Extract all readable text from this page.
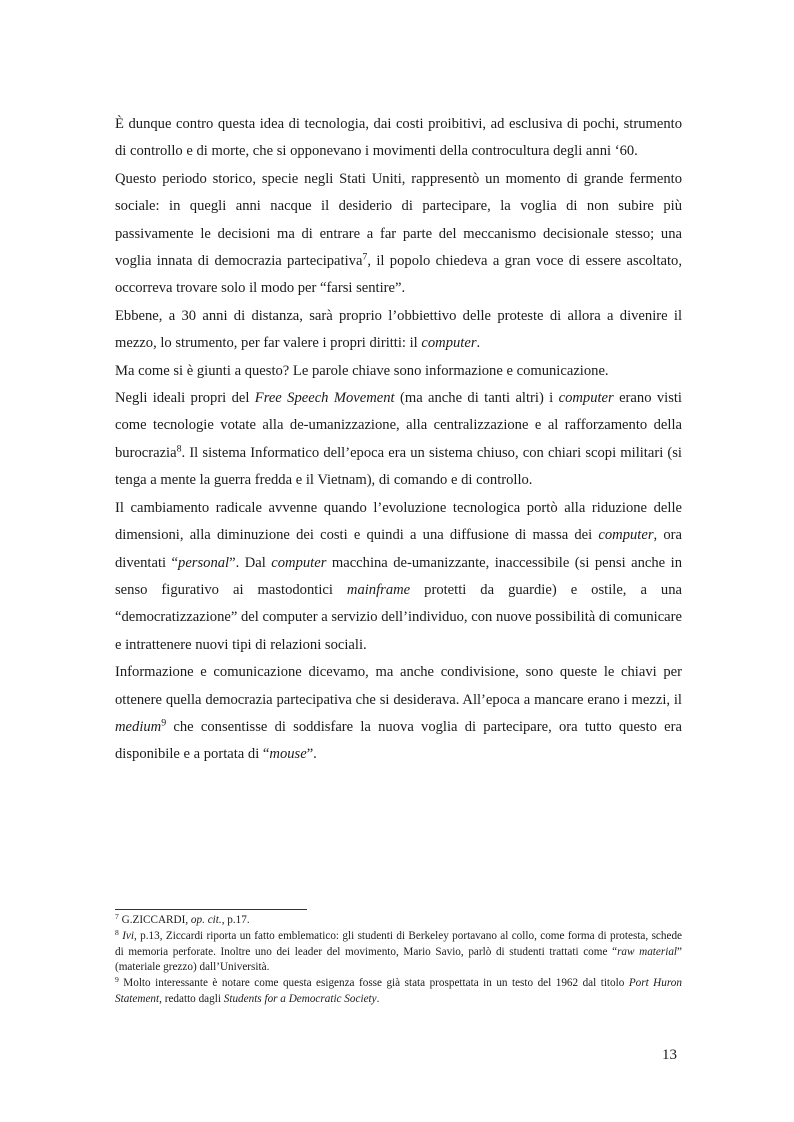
È dunque contro questa idea di tecnologia, dai costi proibitivi, ad esclusiva di pochi, strumento di controllo e di morte, che si opponevano i movimenti della controcultura degli anni ‘60.

Questo periodo storico, specie negli Stati Uniti, rappresentò un momento di grande fermento sociale: in quegli anni nacque il desiderio di partecipare, la voglia di non subire più passivamente le decisioni ma di entrare a far parte del meccanismo decisionale stesso; una voglia innata di democrazia partecipativa$^7$, il popolo chiedeva a gran voce di essere ascoltato, occorreva trovare solo il modo per “farsi sentire”.

Ebbene, a 30 anni di distanza, sarà proprio l’obbiettivo delle proteste di allora a divenire il mezzo, lo strumento, per far valere i propri diritti: il computer.

Ma come si è giunti a questo? Le parole chiave sono informazione e comunicazione.

Negli ideali propri del Free Speech Movement (ma anche di tanti altri) i computer erano visti come tecnologie votate alla de-umanizzazione, alla centralizzazione e al rafforzamento della burocrazia$^8$. Il sistema Informatico dell’epoca era un sistema chiuso, con chiari scopi militari (si tenga a mente la guerra fredda e il Vietnam), di comando e di controllo.

Il cambiamento radicale avvenne quando l’evoluzione tecnologica portò alla riduzione delle dimensioni, alla diminuzione dei costi e quindi a una diffusione di massa dei computer, ora diventati “personal”. Dal computer macchina de-umanizzante, inaccessibile (si pensi anche in senso figurativo ai mastodontici mainframe protetti da guardie) e ostile, a una “democratizzazione” del computer a servizio dell’individuo, con nuove possibilità di comunicare e intrattenere nuovi tipi di relazioni sociali.

Informazione e comunicazione dicevamo, ma anche condivisione, sono queste le chiavi per ottenere quella democrazia partecipativa che si desiderava. All’epoca a mancare erano i mezzi, il medium$^9$ che consentisse di soddisfare la nuova voglia di partecipare, ora tutto questo era disponibile e a portata di “mouse”.

$^7$ G.ZICCARDI, op. cit., p.17.

$^8$ Ivi, p.13, Ziccardi riporta un fatto emblematico: gli studenti di Berkeley portavano al collo, come forma di protesta, schede di memoria perforate. Inoltre uno dei leader del movimento, Mario Savio, parlò di studenti trattati come “raw material” (materiale grezzo) dall’Università.

$^9$ Molto interessante è notare come questa esigenza fosse già stata prospettata in un testo del 1962 dal titolo Port Huron Statement, redatto dagli Students for a Democratic Society.

13
